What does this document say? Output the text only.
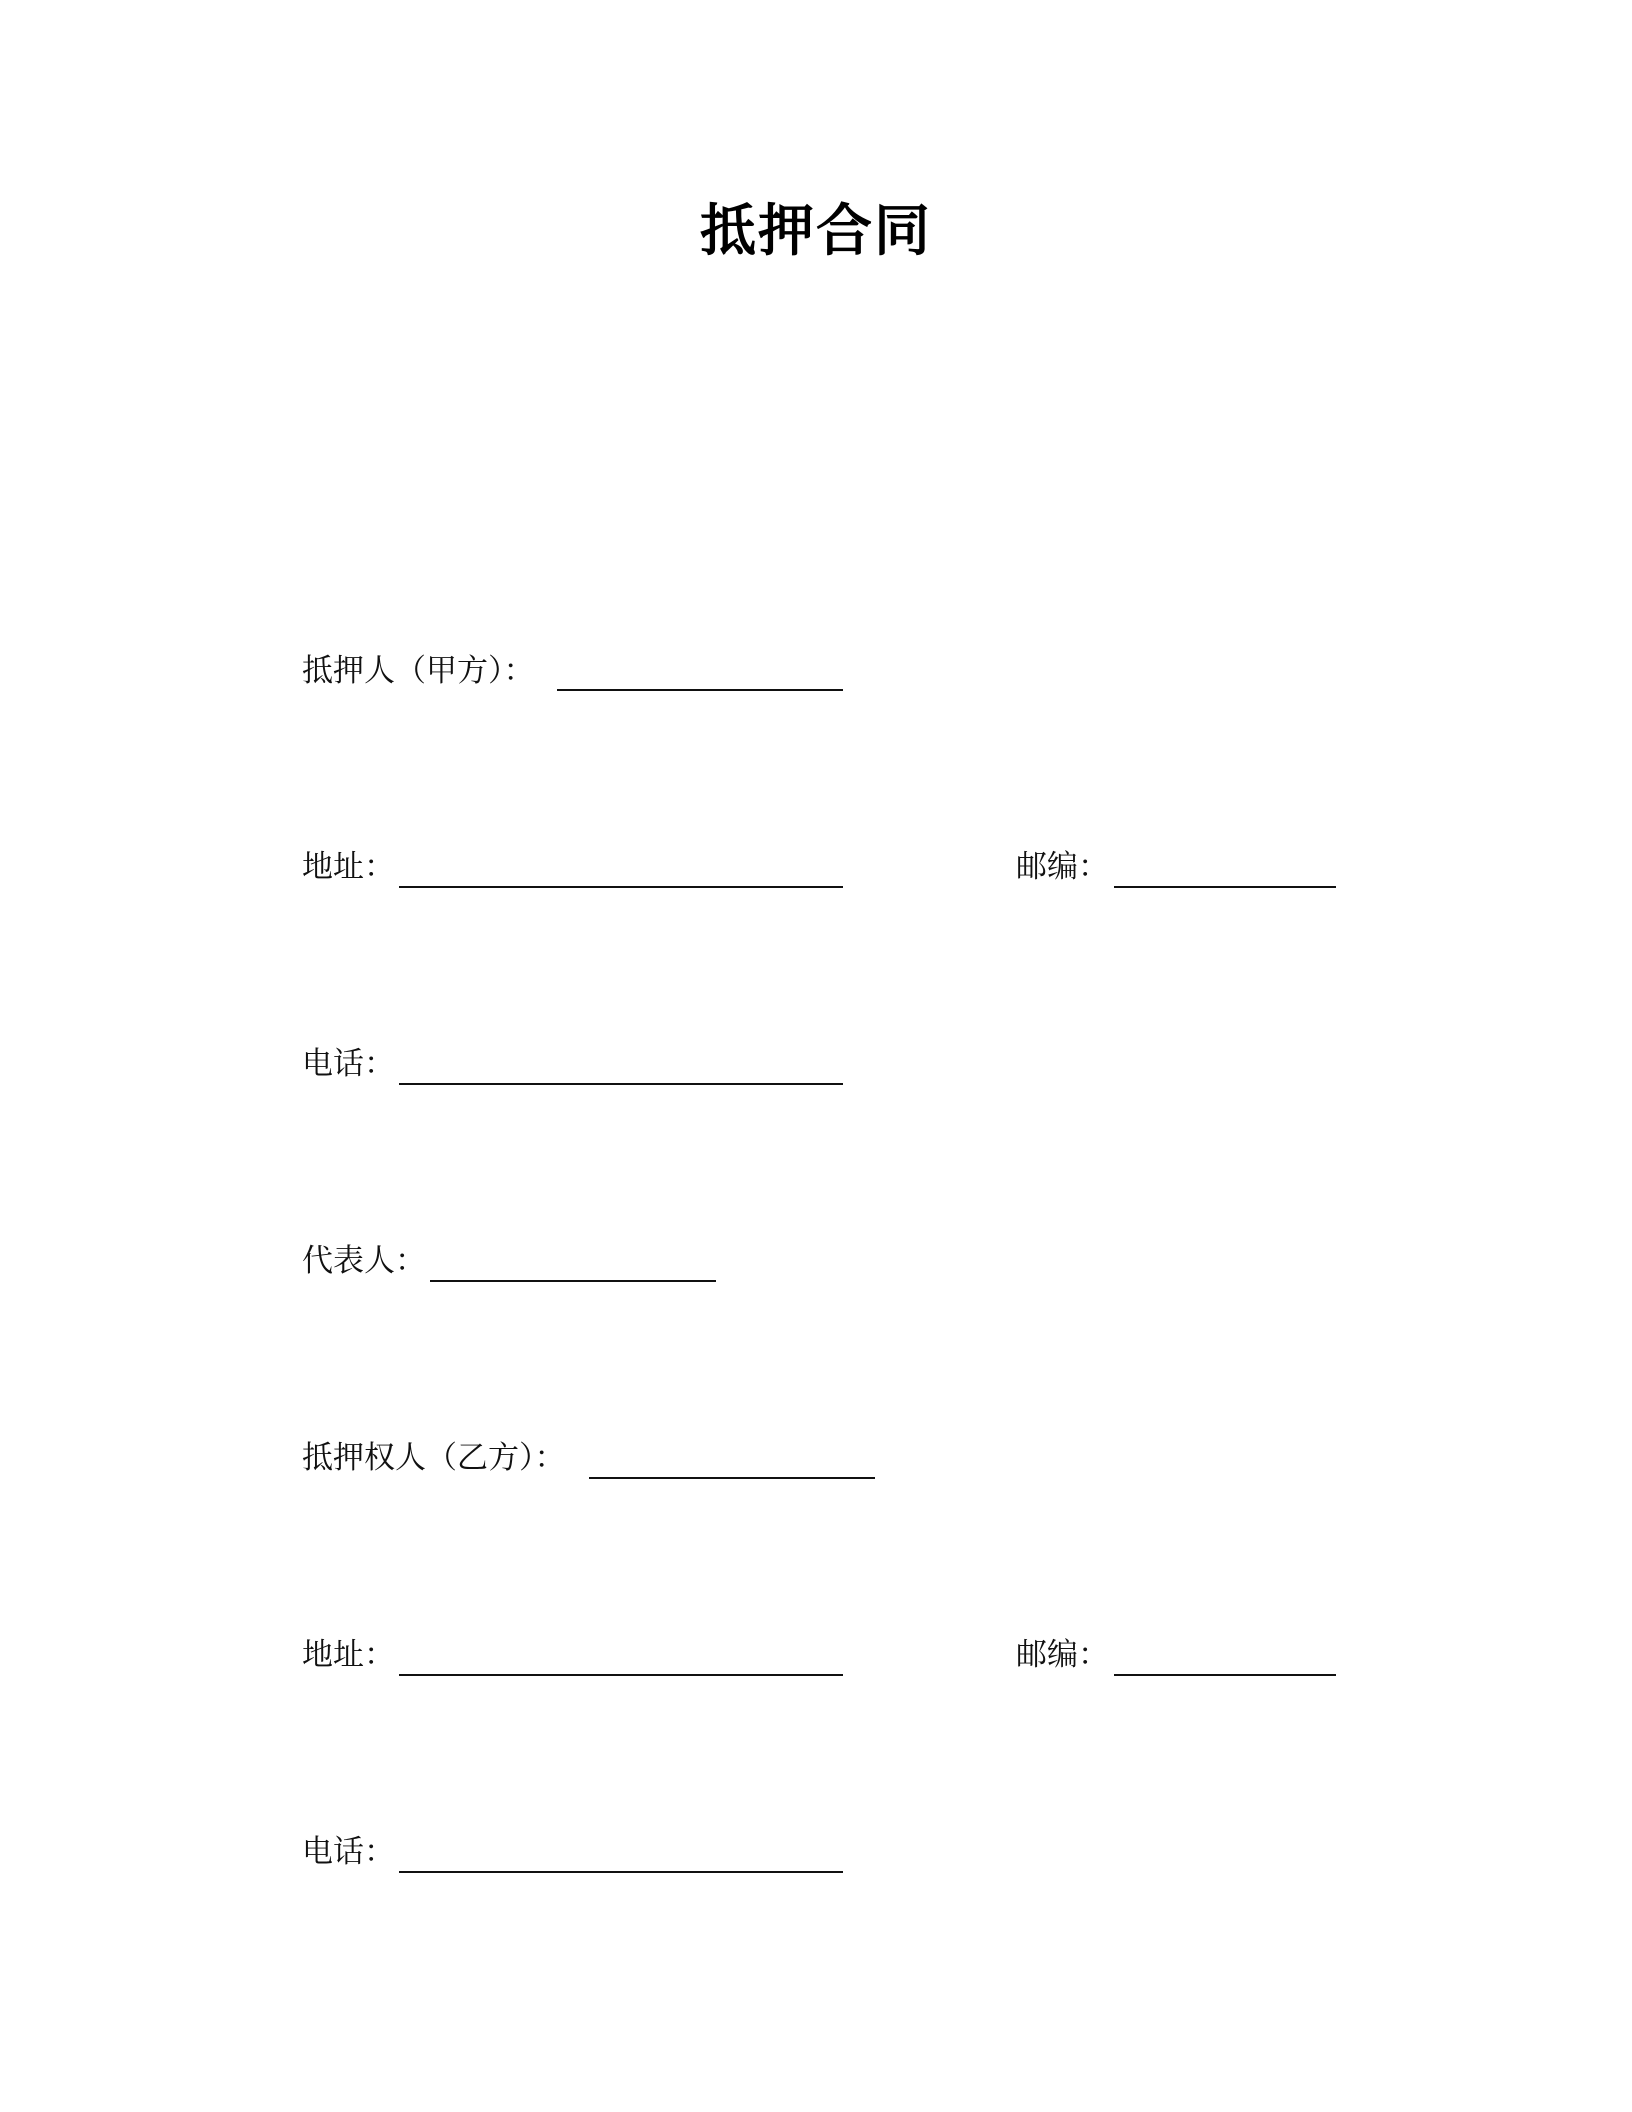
抵押合同
抵押人（甲方）：
地址：	邮编：
电话：
代表人：
抵押权人（乙方）：
地址：	邮编：
电话：
